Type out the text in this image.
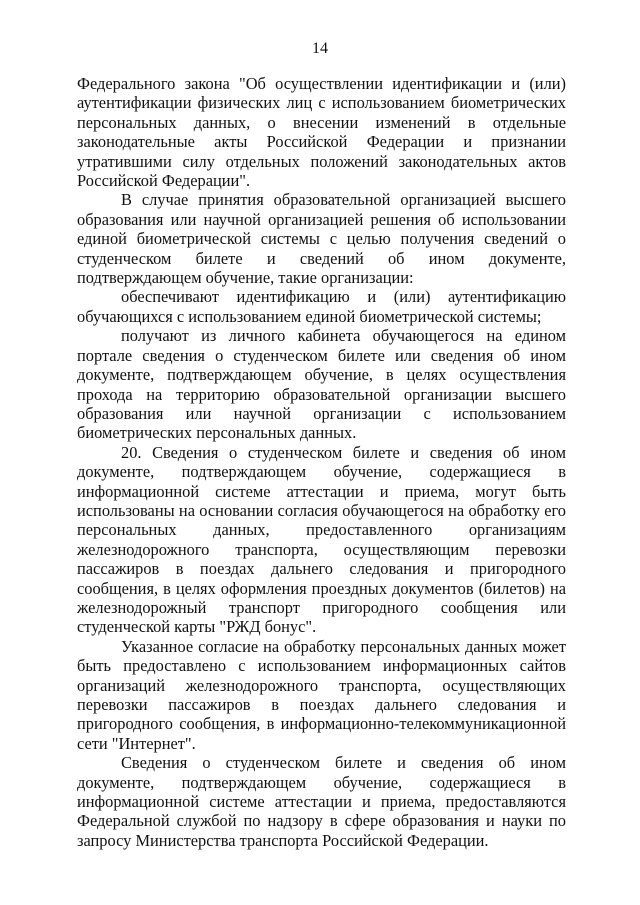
14

Федерального закона "Об осуществлении идентификации и (или) аутентификации физических лиц с использованием биометрических персональных данных, о внесении изменений в отдельные законодательные акты Российской Федерации и признании утратившими силу отдельных положений законодательных актов Российской Федерации".

В случае принятия образовательной организацией высшего образования или научной организацией решения об использовании единой биометрической системы с целью получения сведений о студенческом билете и сведений об ином документе, подтверждающем обучение, такие организации:

обеспечивают идентификацию и (или) аутентификацию обучающихся с использованием единой биометрической системы;

получают из личного кабинета обучающегося на едином портале сведения о студенческом билете или сведения об ином документе, подтверждающем обучение, в целях осуществления прохода на территорию образовательной организации высшего образования или научной организации с использованием биометрических персональных данных.

20. Сведения о студенческом билете и сведения об ином документе, подтверждающем обучение, содержащиеся в информационной системе аттестации и приема, могут быть использованы на основании согласия обучающегося на обработку его персональных данных, предоставленного организациям железнодорожного транспорта, осуществляющим перевозки пассажиров в поездах дальнего следования и пригородного сообщения, в целях оформления проездных документов (билетов) на железнодорожный транспорт пригородного сообщения или студенческой карты "РЖД бонус".

Указанное согласие на обработку персональных данных может быть предоставлено с использованием информационных сайтов организаций железнодорожного транспорта, осуществляющих перевозки пассажиров в поездах дальнего следования и пригородного сообщения, в информационно-телекоммуникационной сети "Интернет".

Сведения о студенческом билете и сведения об ином документе, подтверждающем обучение, содержащиеся в информационной системе аттестации и приема, предоставляются Федеральной службой по надзору в сфере образования и науки по запросу Министерства транспорта Российской Федерации.
